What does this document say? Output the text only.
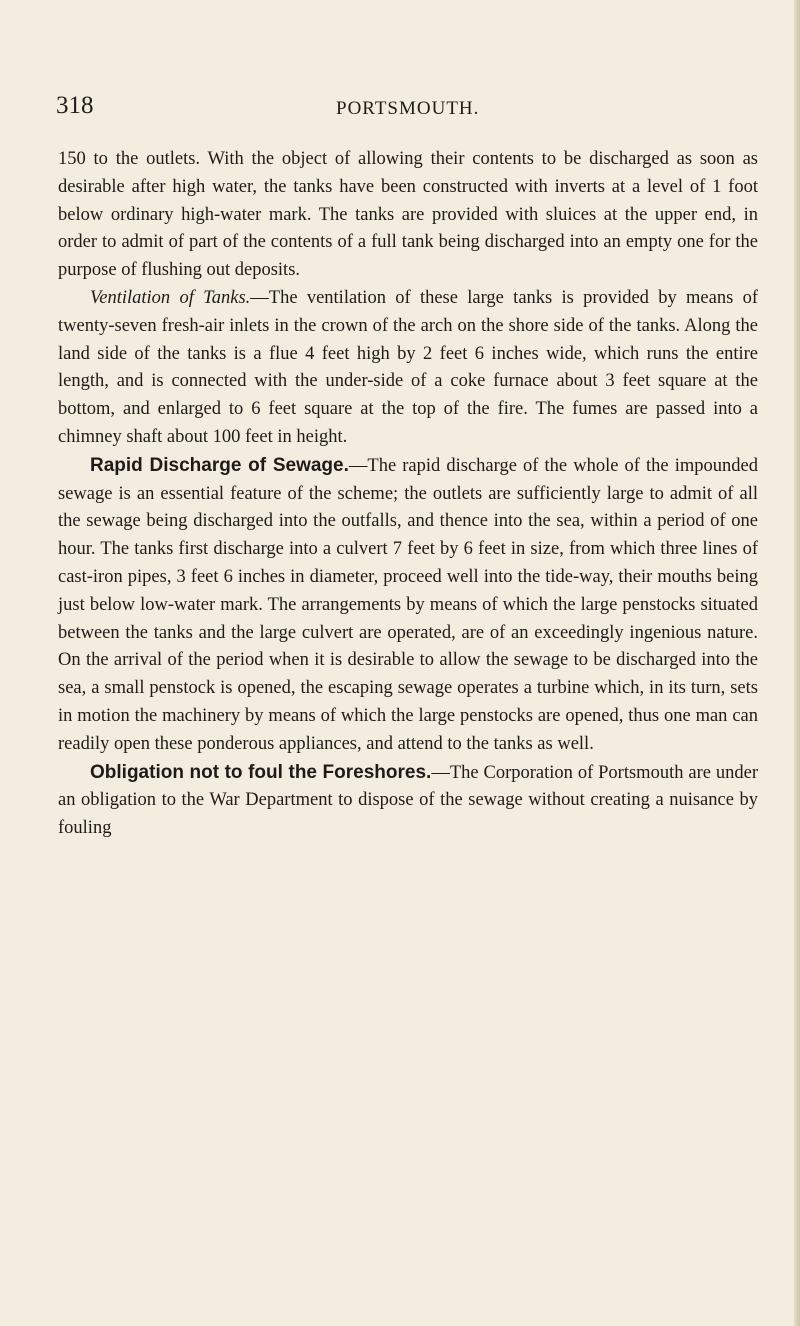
318	PORTSMOUTH.

150 to the outlets. With the object of allowing their contents to be discharged as soon as desirable after high water, the tanks have been constructed with inverts at a level of 1 foot below ordinary high-water mark. The tanks are provided with sluices at the upper end, in order to admit of part of the contents of a full tank being discharged into an empty one for the purpose of flushing out deposits.

Ventilation of Tanks.—The ventilation of these large tanks is provided by means of twenty-seven fresh-air inlets in the crown of the arch on the shore side of the tanks. Along the land side of the tanks is a flue 4 feet high by 2 feet 6 inches wide, which runs the entire length, and is connected with the under-side of a coke furnace about 3 feet square at the bottom, and enlarged to 6 feet square at the top of the fire. The fumes are passed into a chimney shaft about 100 feet in height.

Rapid Discharge of Sewage.—The rapid discharge of the whole of the impounded sewage is an essential feature of the scheme; the outlets are sufficiently large to admit of all the sewage being discharged into the outfalls, and thence into the sea, within a period of one hour. The tanks first discharge into a culvert 7 feet by 6 feet in size, from which three lines of cast-iron pipes, 3 feet 6 inches in diameter, proceed well into the tide-way, their mouths being just below low-water mark. The arrangements by means of which the large penstocks situated between the tanks and the large culvert are operated, are of an exceedingly ingenious nature. On the arrival of the period when it is desirable to allow the sewage to be discharged into the sea, a small penstock is opened, the escaping sewage operates a turbine which, in its turn, sets in motion the machinery by means of which the large penstocks are opened, thus one man can readily open these ponderous appliances, and attend to the tanks as well.

Obligation not to foul the Foreshores.—The Corporation of Portsmouth are under an obligation to the War Department to dispose of the sewage without creating a nuisance by fouling
